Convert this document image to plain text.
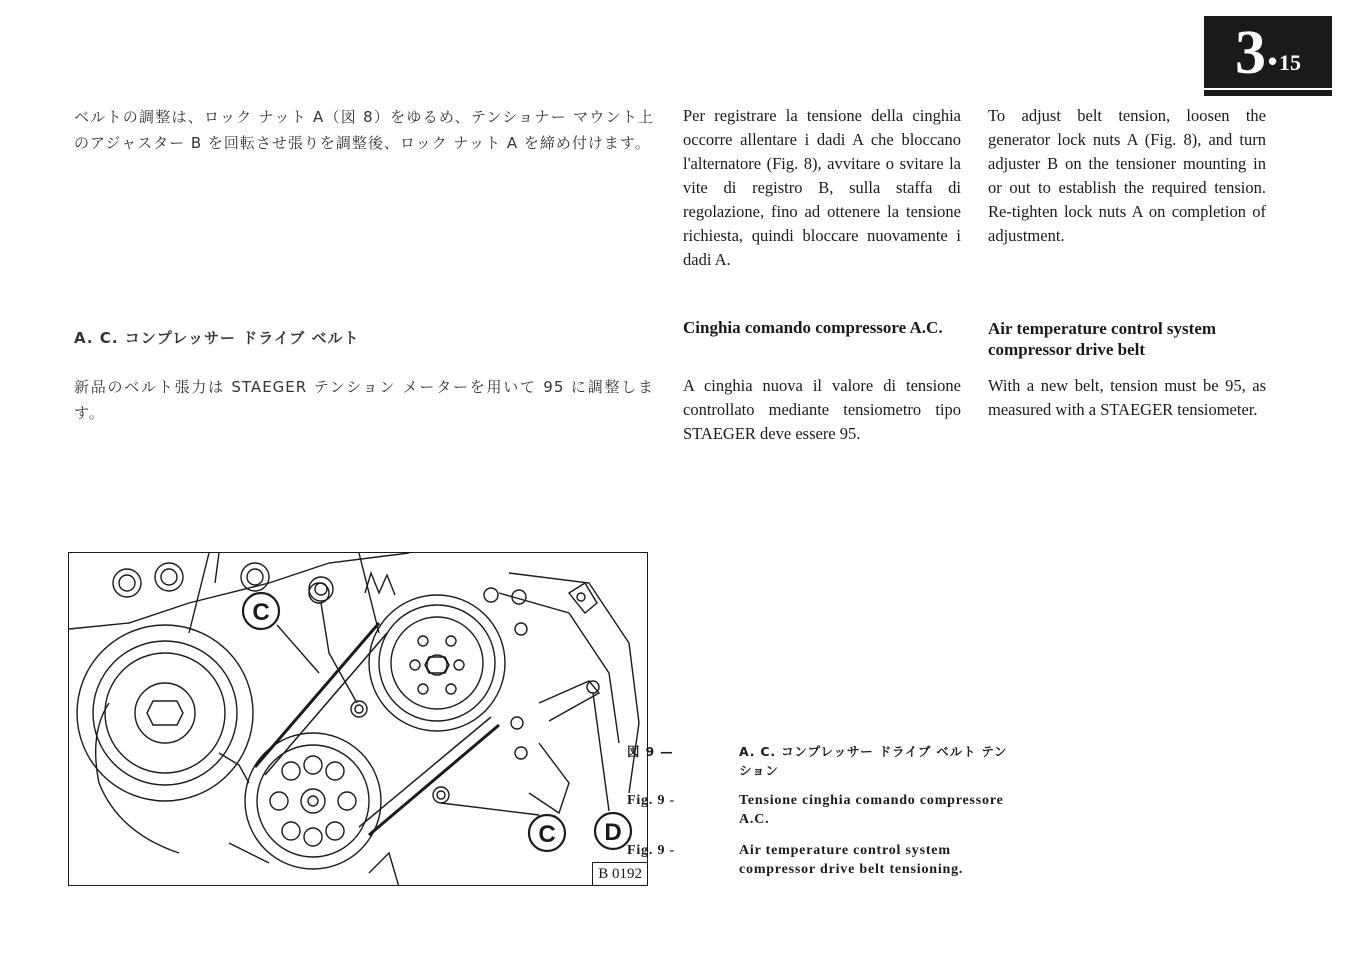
3 • 15

ベルトの調整は、ロック ナット A（図 8）をゆるめ、テンショナー マウント上のアジャスター B を回転させ張りを調整後、ロック ナット A を締め付けます。

Per registrare la tensione della cinghia occorre allentare i dadi A che bloccano l'alternatore (Fig. 8), avvitare o svitare la vite di registro B, sulla staffa di regolazione, fino ad ottenere la tensione richiesta, quindi bloccare nuovamente i dadi A.

To adjust belt tension, loosen the generator lock nuts A (Fig. 8), and turn adjuster B on the tensioner mounting in or out to establish the required tension. Re-tighten lock nuts A on completion of adjustment.

A. C. コンプレッサー ドライブ ベルト
Cinghia comando compressore A.C.	Air temperature control system compressor drive belt

新品のベルト張力は STAEGER テンション メーターを用いて 95 に調整します。

A cinghia nuova il valore di tensione controllato mediante tensiometro tipo STAEGER deve essere 95.

With a new belt, tension must be 95, as measured with a STAEGER tensiometer.

C
C D
B 0192
図 9 —	A. C. コンプレッサー ドライブ ベルト テンション
Fig. 9 -	Tensione cinghia comando compressore A.C.
Fig. 9 -	Air temperature control system compressor drive belt tensioning.
